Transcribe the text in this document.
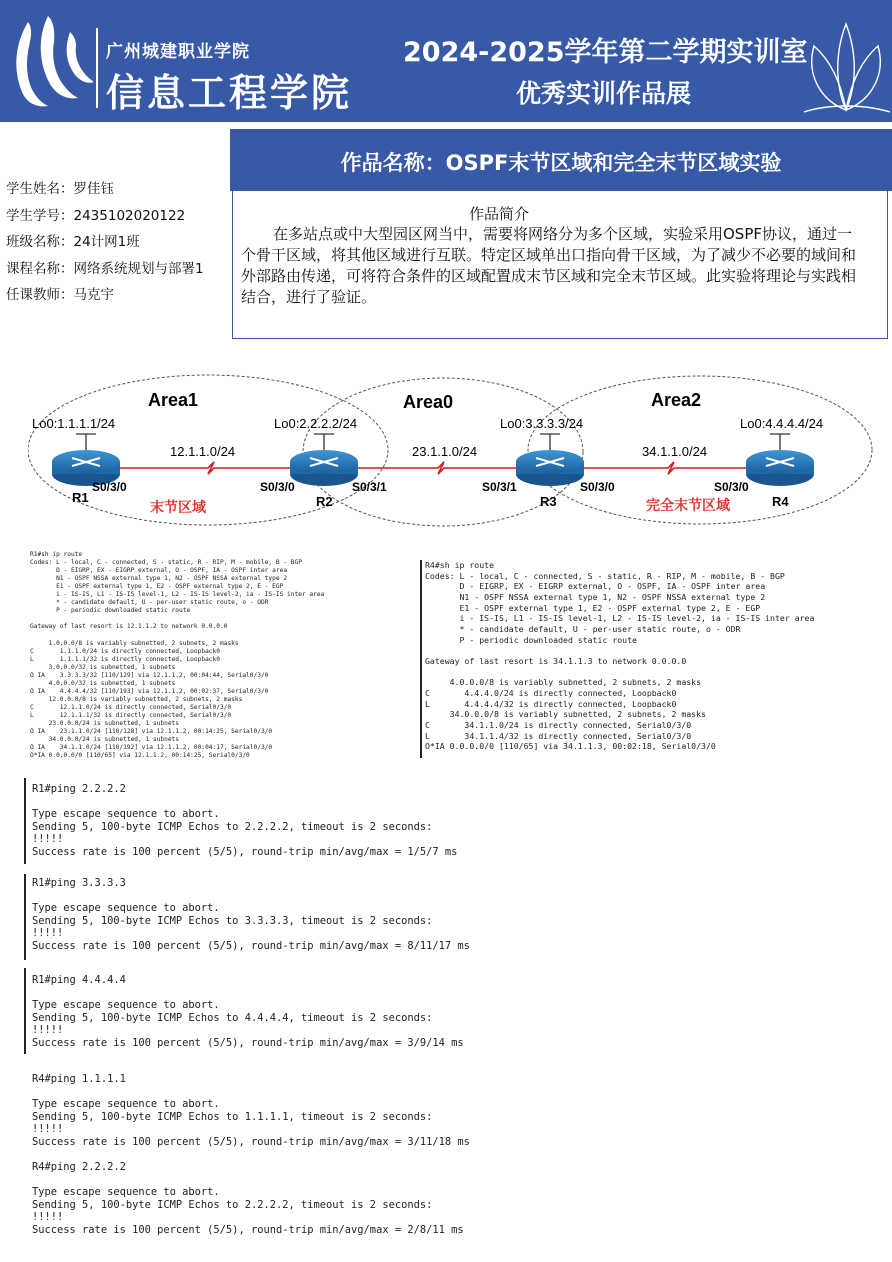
广州城建职业学院
信息工程学院
2024-2025学年第二学期实训室
优秀实训作品展
学生姓名：罗佳钰
学生学号：2435102020122
班级名称：24计网1班
课程名称：网络系统规划与部署1
任课教师：马克宇
作品名称：OSPF末节区域和完全末节区域实验
作品简介
在多站点或中大型园区网当中，需要将网络分为多个区域，实验采用OSPF协议，通过一个骨干区域，将其他区域进行互联。特定区域单出口指向骨干区域，为了减少不必要的域间和外部路由传递，可将符合条件的区域配置成末节区域和完全末节区域。此实验将理论与实践相结合，进行了验证。
Area1	Area0	Area2
Lo0:1.1.1.1/24	Lo0:2.2.2.2/24	Lo0:3.3.3.3/24	Lo0:4.4.4.4/24
12.1.1.0/24	23.1.1.0/24	34.1.1.0/24
R1	R2	R3	R4
S0/3/0	S0/3/0	S0/3/1	S0/3/1	S0/3/0	S0/3/0
末节区域	完全末节区域
R1#sh ip route
Codes: L - local, C - connected, S - static, R - RIP, M - mobile, B - BGP
D - EIGRP, EX - EIGRP external, O - OSPF, IA - OSPF inter area
N1 - OSPF NSSA external type 1, N2 - OSPF NSSA external type 2
E1 - OSPF external type 1, E2 - OSPF external type 2, E - EGP
i - IS-IS, L1 - IS-IS level-1, L2 - IS-IS level-2, ia - IS-IS inter area
* - candidate default, U - per-user static route, o - ODR
P - periodic downloaded static route

Gateway of last resort is 12.1.1.2 to network 0.0.0.0

1.0.0.0/8 is variably subnetted, 2 subnets, 2 masks
C       1.1.1.0/24 is directly connected, Loopback0
L       1.1.1.1/32 is directly connected, Loopback0
3.0.0.0/32 is subnetted, 1 subnets
O IA    3.3.3.3/32 [110/129] via 12.1.1.2, 00:04:44, Serial0/3/0
4.0.0.0/32 is subnetted, 1 subnets
O IA    4.4.4.4/32 [110/193] via 12.1.1.2, 00:02:37, Serial0/3/0
12.0.0.0/8 is variably subnetted, 2 subnets, 2 masks
C       12.1.1.0/24 is directly connected, Serial0/3/0
L       12.1.1.1/32 is directly connected, Serial0/3/0
23.0.0.0/24 is subnetted, 1 subnets
O IA    23.1.1.0/24 [110/128] via 12.1.1.2, 00:14:25, Serial0/3/0
34.0.0.0/24 is subnetted, 1 subnets
O IA    34.1.1.0/24 [110/192] via 12.1.1.2, 00:04:17, Serial0/3/0
O*IA 0.0.0.0/0 [110/65] via 12.1.1.2, 00:14:25, Serial0/3/0
R4#sh ip route
Codes: L - local, C - connected, S - static, R - RIP, M - mobile, B - BGP
D - EIGRP, EX - EIGRP external, O - OSPF, IA - OSPF inter area
N1 - OSPF NSSA external type 1, N2 - OSPF NSSA external type 2
E1 - OSPF external type 1, E2 - OSPF external type 2, E - EGP
i - IS-IS, L1 - IS-IS level-1, L2 - IS-IS level-2, ia - IS-IS inter area
* - candidate default, U - per-user static route, o - ODR
P - periodic downloaded static route

Gateway of last resort is 34.1.1.3 to network 0.0.0.0

4.0.0.0/8 is variably subnetted, 2 subnets, 2 masks
C       4.4.4.0/24 is directly connected, Loopback0
L       4.4.4.4/32 is directly connected, Loopback0
34.0.0.0/8 is variably subnetted, 2 subnets, 2 masks
C       34.1.1.0/24 is directly connected, Serial0/3/0
L       34.1.1.4/32 is directly connected, Serial0/3/0
O*IA 0.0.0.0/0 [110/65] via 34.1.1.3, 00:02:18, Serial0/3/0
R1#ping 2.2.2.2

Type escape sequence to abort.
Sending 5, 100-byte ICMP Echos to 2.2.2.2, timeout is 2 seconds:
!!!!!
Success rate is 100 percent (5/5), round-trip min/avg/max = 1/5/7 ms
R1#ping 3.3.3.3

Type escape sequence to abort.
Sending 5, 100-byte ICMP Echos to 3.3.3.3, timeout is 2 seconds:
!!!!!
Success rate is 100 percent (5/5), round-trip min/avg/max = 8/11/17 ms
R1#ping 4.4.4.4

Type escape sequence to abort.
Sending 5, 100-byte ICMP Echos to 4.4.4.4, timeout is 2 seconds:
!!!!!
Success rate is 100 percent (5/5), round-trip min/avg/max = 3/9/14 ms
R4#ping 1.1.1.1

Type escape sequence to abort.
Sending 5, 100-byte ICMP Echos to 1.1.1.1, timeout is 2 seconds:
!!!!!
Success rate is 100 percent (5/5), round-trip min/avg/max = 3/11/18 ms
R4#ping 2.2.2.2

Type escape sequence to abort.
Sending 5, 100-byte ICMP Echos to 2.2.2.2, timeout is 2 seconds:
!!!!!
Success rate is 100 percent (5/5), round-trip min/avg/max = 2/8/11 ms
